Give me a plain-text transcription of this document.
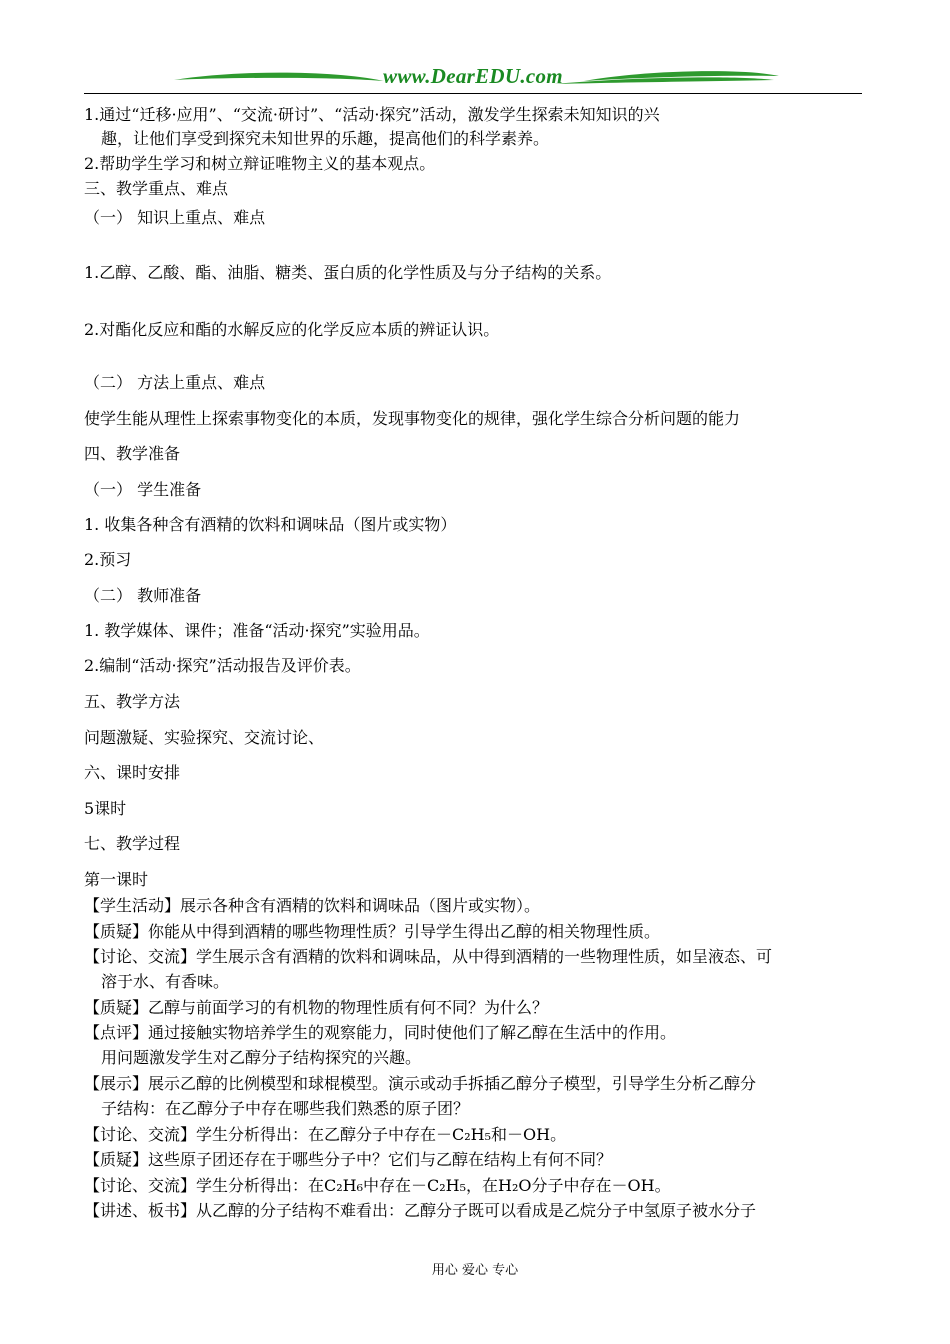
www.DearEDU.com
1.通过“迁移·应用”、“交流·研讨”、“活动·探究”活动，激发学生探索未知知识的兴
趣，让他们享受到探究未知世界的乐趣，提高他们的科学素养。
2.帮助学生学习和树立辩证唯物主义的基本观点。
三、教学重点、难点
（一） 知识上重点、难点
1.乙醇、乙酸、酯、油脂、糖类、蛋白质的化学性质及与分子结构的关系。
2.对酯化反应和酯的水解反应的化学反应本质的辨证认识。
（二） 方法上重点、难点
使学生能从理性上探索事物变化的本质，发现事物变化的规律，强化学生综合分析问题的能力
四、教学准备
（一） 学生准备
1. 收集各种含有酒精的饮料和调味品（图片或实物）
2.预习
（二） 教师准备
1. 教学媒体、课件；准备“活动·探究”实验用品。
2.编制“活动·探究”活动报告及评价表。
五、教学方法
问题激疑、实验探究、交流讨论、
六、课时安排
5课时
七、教学过程
第一课时
【学生活动】展示各种含有酒精的饮料和调味品（图片或实物）。
【质疑】你能从中得到酒精的哪些物理性质？引导学生得出乙醇的相关物理性质。
【讨论、交流】学生展示含有酒精的饮料和调味品，从中得到酒精的一些物理性质，如呈液态、可
溶于水、有香味。
【质疑】乙醇与前面学习的有机物的物理性质有何不同？为什么？
【点评】通过接触实物培养学生的观察能力，同时使他们了解乙醇在生活中的作用。
用问题激发学生对乙醇分子结构探究的兴趣。
【展示】展示乙醇的比例模型和球棍模型。演示或动手拆插乙醇分子模型，引导学生分析乙醇分
子结构：在乙醇分子中存在哪些我们熟悉的原子团？
【讨论、交流】学生分析得出：在乙醇分子中存在－C₂H₅和－OH。
【质疑】这些原子团还存在于哪些分子中？它们与乙醇在结构上有何不同？
【讨论、交流】学生分析得出：在C₂H₆中存在－C₂H₅，在H₂O分子中存在－OH。
【讲述、板书】从乙醇的分子结构不难看出：乙醇分子既可以看成是乙烷分子中氢原子被水分子
用心 爱心 专心
